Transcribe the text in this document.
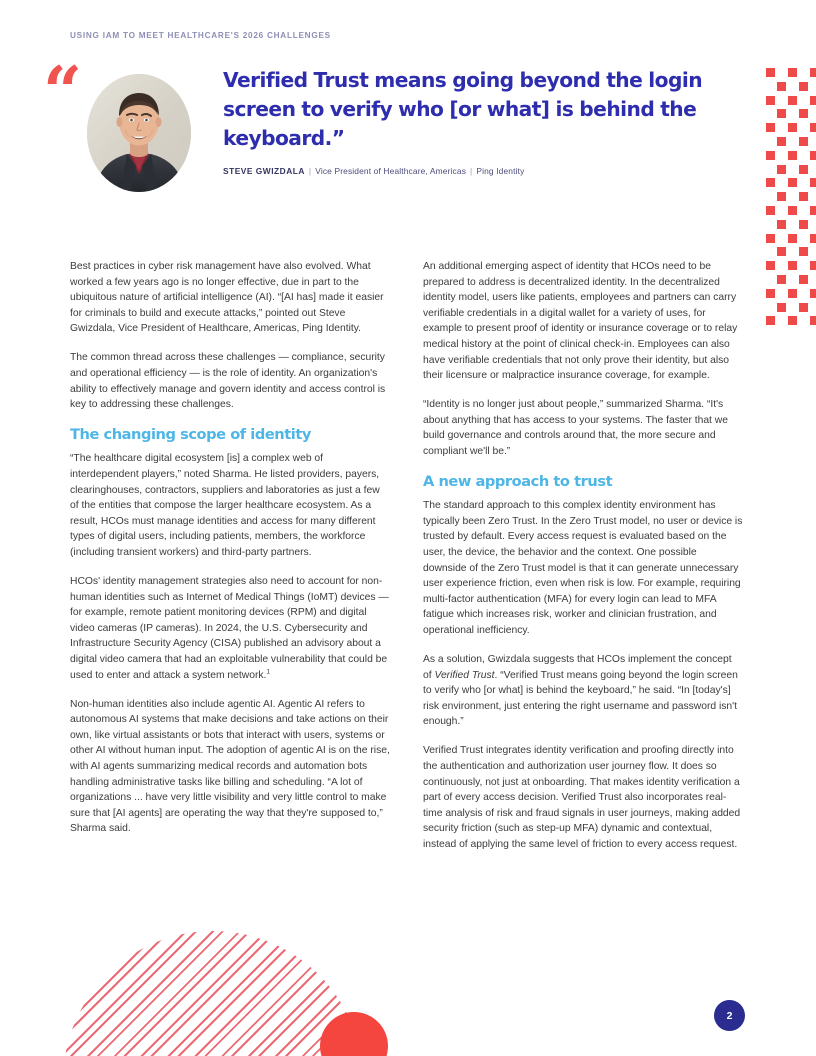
USING IAM TO MEET HEALTHCARE'S 2026 CHALLENGES
“	Verified Trust means going beyond the login screen to verify who [or what] is behind the keyboard.”
STEVE GWIZDALA | Vice President of Healthcare, Americas | Ping Identity

Best practices in cyber risk management have also evolved. What worked a few years ago is no longer effective, due in part to the ubiquitous nature of artificial intelligence (AI). “[AI has] made it easier for criminals to build and execute attacks,” pointed out Steve Gwizdala, Vice President of Healthcare, Americas, Ping Identity.

The common thread across these challenges — compliance, security and operational efficiency — is the role of identity. An organization's ability to effectively manage and govern identity and access control is key to addressing these challenges.

The changing scope of identity

“The healthcare digital ecosystem [is] a complex web of interdependent players,” noted Sharma. He listed providers, payers, clearinghouses, contractors, suppliers and laboratories as just a few of the entities that compose the larger healthcare ecosystem. As a result, HCOs must manage identities and access for many different types of digital users, including patients, members, the workforce (including transient workers) and third-party partners.

HCOs' identity management strategies also need to account for non-human identities such as Internet of Medical Things (IoMT) devices — for example, remote patient monitoring devices (RPM) and digital video cameras (IP cameras). In 2024, the U.S. Cybersecurity and Infrastructure Security Agency (CISA) published an advisory about a digital video camera that had an exploitable vulnerability that could be used to enter and attack a system network.$^1$

Non-human identities also include agentic AI. Agentic AI refers to autonomous AI systems that make decisions and take actions on their own, like virtual assistants or bots that interact with users, systems or other AI without human input. The adoption of agentic AI is on the rise, with AI agents summarizing medical records and automation bots handling administrative tasks like billing and scheduling. “A lot of organizations ... have very little visibility and very little control to make sure that [AI agents] are operating the way that they're supposed to,” Sharma said.

An additional emerging aspect of identity that HCOs need to be prepared to address is decentralized identity. In the decentralized identity model, users like patients, employees and partners can carry verifiable credentials in a digital wallet for a variety of uses, for example to present proof of identity or insurance coverage or to relay medical history at the point of clinical check-in. Employees can also have verifiable credentials that not only prove their identity, but also their licensure or malpractice insurance coverage, for example.

“Identity is no longer just about people,” summarized Sharma. “It's about anything that has access to your systems. The faster that we build governance and controls around that, the more secure and compliant we'll be.”

A new approach to trust

The standard approach to this complex identity environment has typically been Zero Trust. In the Zero Trust model, no user or device is trusted by default. Every access request is evaluated based on the user, the device, the behavior and the context. One possible downside of the Zero Trust model is that it can generate unnecessary user experience friction, even when risk is low. For example, requiring multi-factor authentication (MFA) for every login can lead to MFA fatigue which increases risk, worker and clinician frustration, and operational inefficiency.

As a solution, Gwizdala suggests that HCOs implement the concept of Verified Trust. “Verified Trust means going beyond the login screen to verify who [or what] is behind the keyboard,” he said. “In [today's] risk environment, just entering the right username and password isn't enough.”

Verified Trust integrates identity verification and proofing directly into the authentication and authorization user journey flow. It does so continuously, not just at onboarding. That makes identity verification a part of every access decision. Verified Trust also incorporates real-time analysis of risk and fraud signals in user journeys, making added security friction (such as step-up MFA) dynamic and contextual, instead of applying the same level of friction to every access request.

2
